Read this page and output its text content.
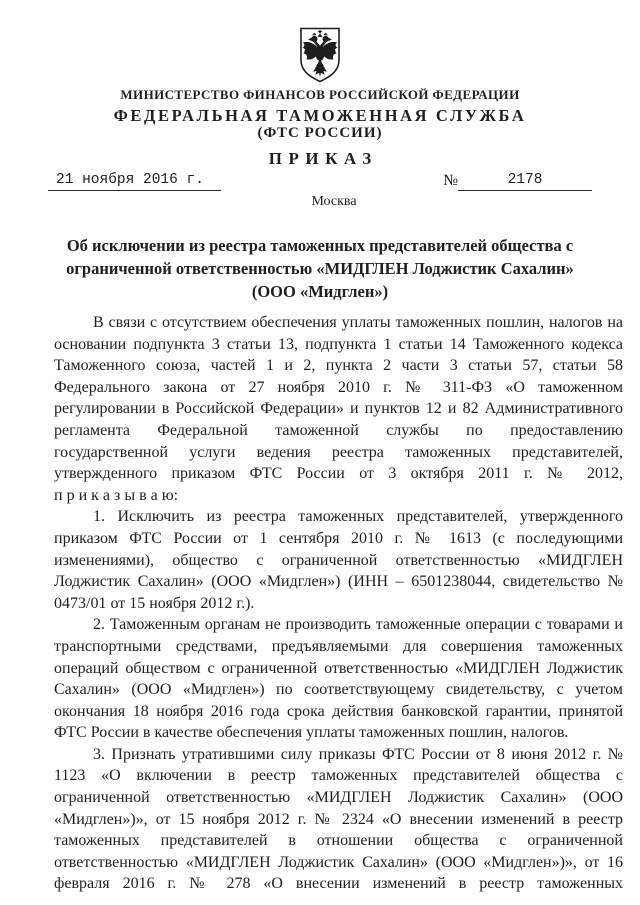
МИНИСТЕРСТВО ФИНАНСОВ РОССИЙСКОЙ ФЕДЕРАЦИИ
ФЕДЕРАЛЬНАЯ ТАМОЖЕННАЯ СЛУЖБА
(ФТС РОССИИ)
ПРИКАЗ
21 ноября 2016 г.	№	2178
Москва
Об исключении из реестра таможенных представителей общества с ограниченной ответственностью «МИДГЛЕН Лоджистик Сахалин» (ООО «Мидглен»)

В связи с отсутствием обеспечения уплаты таможенных пошлин, налогов на основании подпункта 3 статьи 13, подпункта 1 статьи 14 Таможенного кодекса Таможенного союза, частей 1 и 2, пункта 2 части 3 статьи 57, статьи 58 Федерального закона от 27 ноября 2010 г. № 311-ФЗ «О таможенном регулировании в Российской Федерации» и пунктов 12 и 82 Административного регламента Федеральной таможенной службы по предоставлению государственной услуги ведения реестра таможенных представителей, утвержденного приказом ФТС России от 3 октября 2011 г. № 2012,

п р и к а з ы в а ю:

1. Исключить из реестра таможенных представителей, утвержденного приказом ФТС России от 1 сентября 2010 г. № 1613 (с последующими изменениями), общество с ограниченной ответственностью «МИДГЛЕН Лоджистик Сахалин» (ООО «Мидглен») (ИНН – 6501238044, свидетельство № 0473/01 от 15 ноября 2012 г.).

2. Таможенным органам не производить таможенные операции с товарами и транспортными средствами, предъявляемыми для совершения таможенных операций обществом с ограниченной ответственностью «МИДГЛЕН Лоджистик Сахалин» (ООО «Мидглен») по соответствующему свидетельству, с учетом окончания 18 ноября 2016 года срока действия банковской гарантии, принятой ФТС России в качестве обеспечения уплаты таможенных пошлин, налогов.

3. Признать утратившими силу приказы ФТС России от 8 июня 2012 г. № 1123 «О включении в реестр таможенных представителей общества с ограниченной ответственностью «МИДГЛЕН Лоджистик Сахалин» (ООО «Мидглен»)», от 15 ноября 2012 г. № 2324 «О внесении изменений в реестр таможенных представителей в отношении общества с ограниченной ответственностью «МИДГЛЕН Лоджистик Сахалин» (ООО «Мидглен»)», от 16 февраля 2016 г. № 278 «О внесении изменений в реестр таможенных
